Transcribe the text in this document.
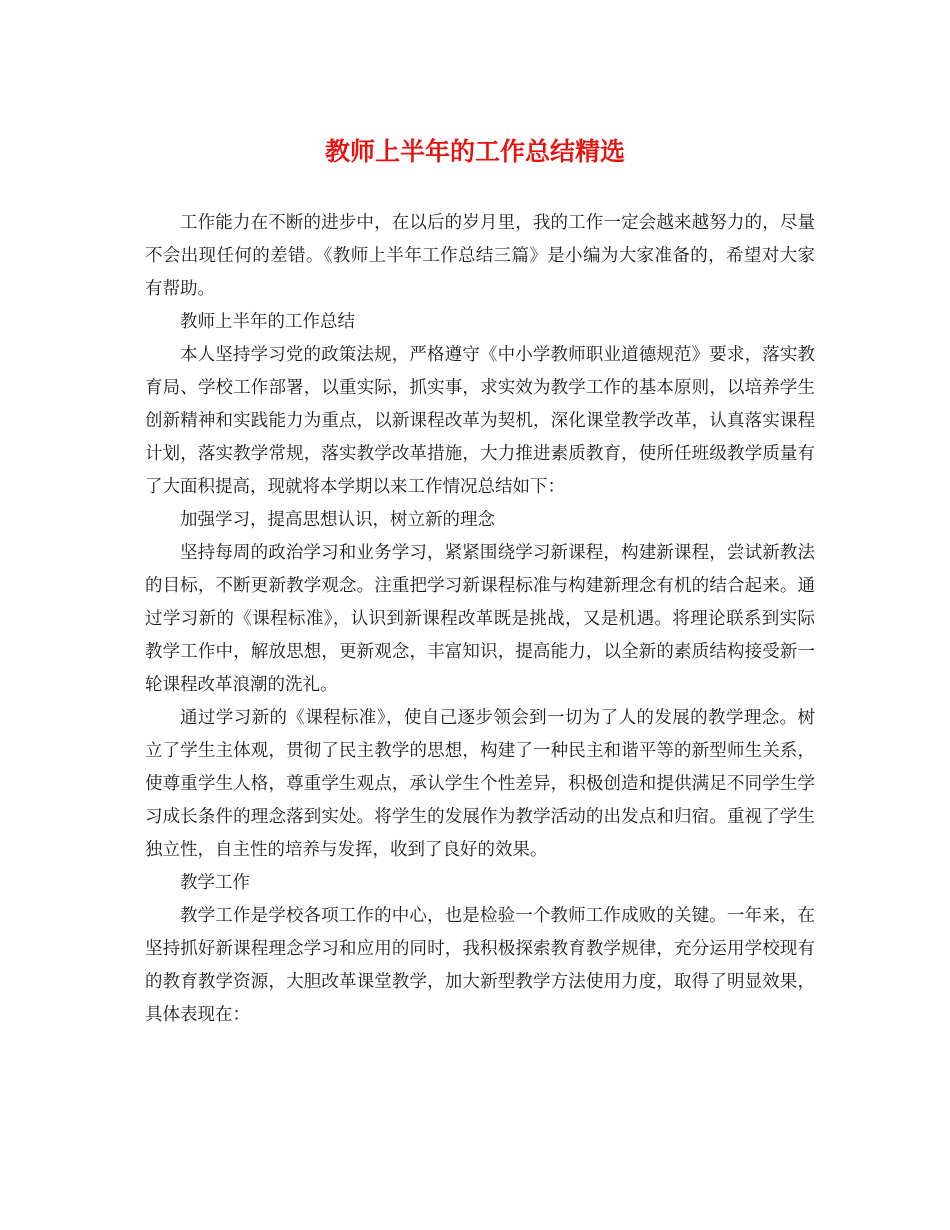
教师上半年的工作总结精选

工作能力在不断的进步中，在以后的岁月里，我的工作一定会越来越努力的，尽量不会出现任何的差错。《教师上半年工作总结三篇》是小编为大家准备的，希望对大家有帮助。

教师上半年的工作总结

本人坚持学习党的政策法规，严格遵守《中小学教师职业道德规范》要求，落实教育局、学校工作部署，以重实际，抓实事，求实效为教学工作的基本原则，以培养学生创新精神和实践能力为重点，以新课程改革为契机，深化课堂教学改革，认真落实课程计划，落实教学常规，落实教学改革措施，大力推进素质教育，使所任班级教学质量有了大面积提高，现就将本学期以来工作情况总结如下：

加强学习，提高思想认识，树立新的理念

坚持每周的政治学习和业务学习，紧紧围绕学习新课程，构建新课程，尝试新教法的目标，不断更新教学观念。注重把学习新课程标准与构建新理念有机的结合起来。通过学习新的《课程标准》，认识到新课程改革既是挑战，又是机遇。将理论联系到实际教学工作中，解放思想，更新观念，丰富知识，提高能力，以全新的素质结构接受新一轮课程改革浪潮的洗礼。

通过学习新的《课程标准》，使自己逐步领会到一切为了人的发展的教学理念。树立了学生主体观，贯彻了民主教学的思想，构建了一种民主和谐平等的新型师生关系，使尊重学生人格，尊重学生观点，承认学生个性差异，积极创造和提供满足不同学生学习成长条件的理念落到实处。将学生的发展作为教学活动的出发点和归宿。重视了学生独立性，自主性的培养与发挥，收到了良好的效果。

教学工作

教学工作是学校各项工作的中心，也是检验一个教师工作成败的关键。一年来，在坚持抓好新课程理念学习和应用的同时，我积极探索教育教学规律，充分运用学校现有的教育教学资源，大胆改革课堂教学，加大新型教学方法使用力度，取得了明显效果，具体表现在：
